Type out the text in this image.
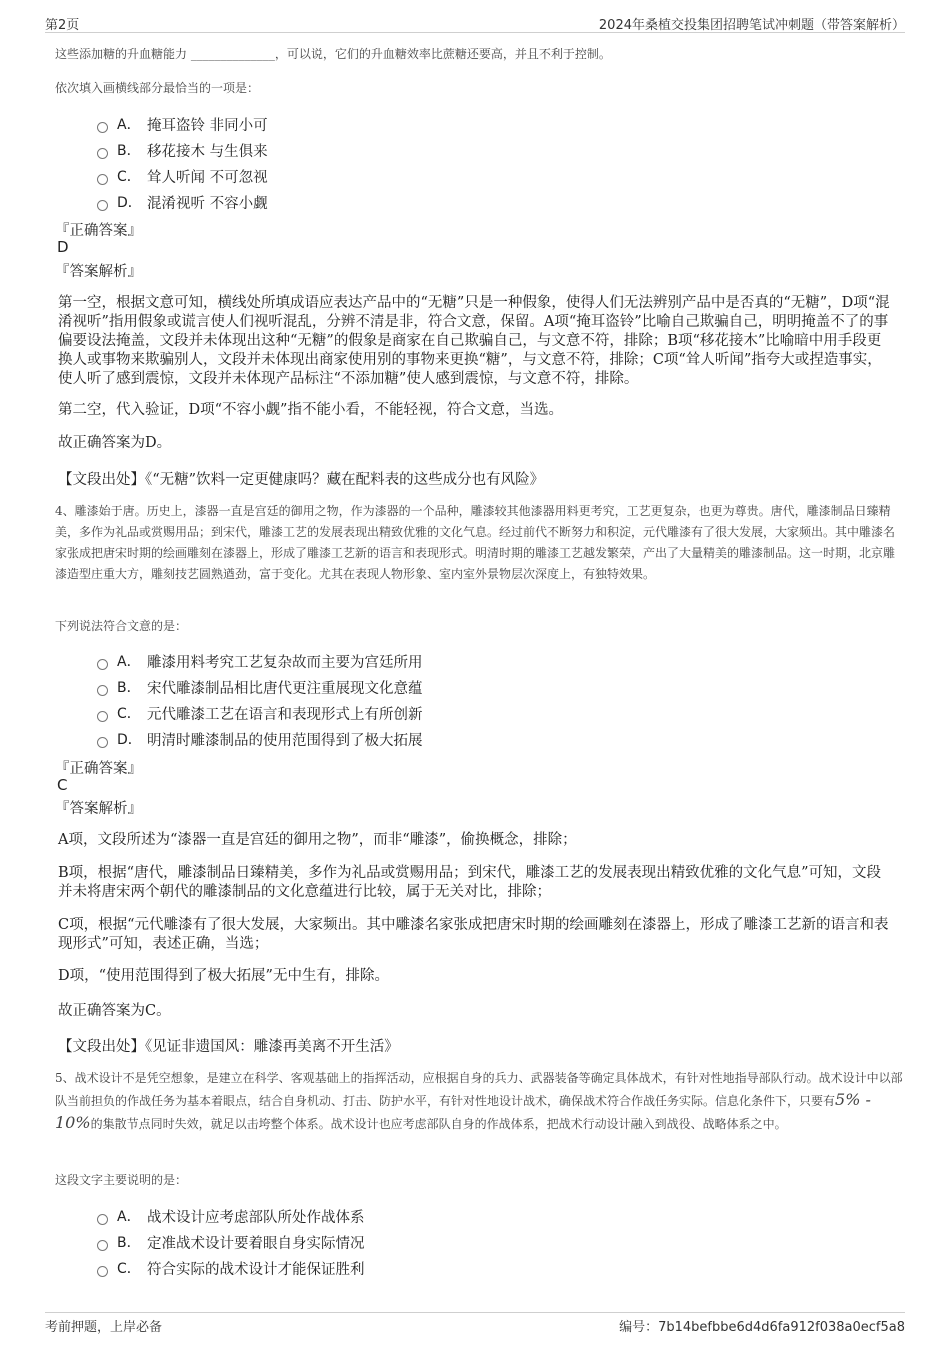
第2页	2024年桑植交投集团招聘笔试冲刺题（带答案解析）
这些添加糖的升血糖能力 ______________，可以说，它们的升血糖效率比蔗糖还要高，并且不利于控制。
依次填入画横线部分最恰当的一项是：
A． 掩耳盗铃 非同小可
B． 移花接木 与生俱来
C． 耸人听闻 不可忽视
D． 混淆视听 不容小觑
『正确答案』
D
『答案解析』
第一空，根据文意可知，横线处所填成语应表达产品中的“无糖”只是一种假象，使得人们无法辨别产品中是否真的“无糖”，D项“混淆视听”指用假象或谎言使人们视听混乱，分辨不清是非，符合文意，保留。A项“掩耳盗铃”比喻自己欺骗自己，明明掩盖不了的事偏要设法掩盖，文段并未体现出这种“无糖”的假象是商家在自己欺骗自己，与文意不符，排除；B项“移花接木”比喻暗中用手段更换人或事物来欺骗别人，文段并未体现出商家使用别的事物来更换“糖”，与文意不符，排除；C项“耸人听闻”指夸大或捏造事实，使人听了感到震惊，文段并未体现产品标注“不添加糖”使人感到震惊，与文意不符，排除。
第二空，代入验证，D项“不容小觑”指不能小看，不能轻视，符合文意，当选。
故正确答案为D。
【文段出处】《“无糖”饮料一定更健康吗？藏在配料表的这些成分也有风险》
4、雕漆始于唐。历史上，漆器一直是宫廷的御用之物，作为漆器的一个品种，雕漆较其他漆器用料更考究，工艺更复杂，也更为尊贵。唐代，雕漆制品日臻精美，多作为礼品或赏赐用品；到宋代，雕漆工艺的发展表现出精致优雅的文化气息。经过前代不断努力和积淀，元代雕漆有了很大发展，大家频出。其中雕漆名家张成把唐宋时期的绘画雕刻在漆器上，形成了雕漆工艺新的语言和表现形式。明清时期的雕漆工艺越发繁荣，产出了大量精美的雕漆制品。这一时期，北京雕漆造型庄重大方，雕刻技艺圆熟遒劲，富于变化。尤其在表现人物形象、室内室外景物层次深度上，有独特效果。
下列说法符合文意的是：
A． 雕漆用料考究工艺复杂故而主要为宫廷所用
B． 宋代雕漆制品相比唐代更注重展现文化意蕴
C． 元代雕漆工艺在语言和表现形式上有所创新
D． 明清时雕漆制品的使用范围得到了极大拓展
『正确答案』
C
『答案解析』
A项，文段所述为“漆器一直是宫廷的御用之物”，而非“雕漆”，偷换概念，排除；
B项，根据“唐代，雕漆制品日臻精美，多作为礼品或赏赐用品；到宋代，雕漆工艺的发展表现出精致优雅的文化气息”可知，文段并未将唐宋两个朝代的雕漆制品的文化意蕴进行比较，属于无关对比，排除；
C项，根据“元代雕漆有了很大发展，大家频出。其中雕漆名家张成把唐宋时期的绘画雕刻在漆器上，形成了雕漆工艺新的语言和表现形式”可知，表述正确，当选；
D项，“使用范围得到了极大拓展”无中生有，排除。
故正确答案为C。
【文段出处】《见证非遗国风：雕漆再美离不开生活》
5、战术设计不是凭空想象，是建立在科学、客观基础上的指挥活动，应根据自身的兵力、武器装备等确定具体战术，有针对性地指导部队行动。战术设计中以部队当前担负的作战任务为基本着眼点，结合自身机动、打击、防护水平，有针对性地设计战术，确保战术符合作战任务实际。信息化条件下，只要有5% - 10%的集散节点同时失效，就足以击垮整个体系。战术设计也应考虑部队自身的作战体系，把战术行动设计融入到战役、战略体系之中。
这段文字主要说明的是：
A． 战术设计应考虑部队所处作战体系
B． 定准战术设计要着眼自身实际情况
C． 符合实际的战术设计才能保证胜利
考前押题，上岸必备	编号：7b14befbbe6d4d6fa912f038a0ecf5a8
